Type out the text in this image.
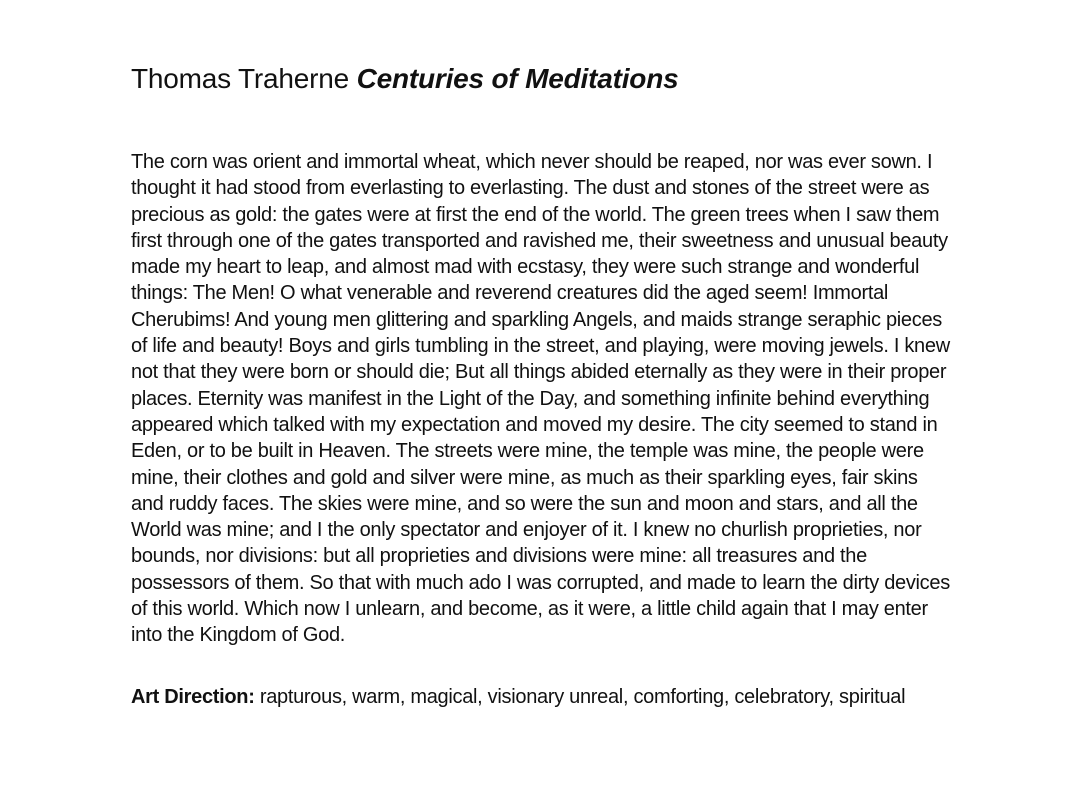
Thomas Traherne Centuries of Meditations
The corn was orient and immortal wheat, which never should be reaped, nor was ever sown. I thought it had stood from everlasting to everlasting. The dust and stones of the street were as precious as gold: the gates were at first the end of the world. The green trees when I saw them first through one of the gates transported and ravished me, their sweetness and unusual beauty made my heart to leap, and almost mad with ecstasy, they were such strange and wonderful things: The Men! O what venerable and reverend creatures did the aged seem! Immortal Cherubims! And young men glittering and sparkling Angels, and maids strange seraphic pieces of life and beauty! Boys and girls tumbling in the street, and playing, were moving jewels. I knew not that they were born or should die; But all things abided eternally as they were in their proper places. Eternity was manifest in the Light of the Day, and something infinite behind everything appeared which talked with my expectation and moved my desire. The city seemed to stand in Eden, or to be built in Heaven. The streets were mine, the temple was mine, the people were mine, their clothes and gold and silver were mine, as much as their sparkling eyes, fair skins and ruddy faces. The skies were mine, and so were the sun and moon and stars, and all the World was mine; and I the only spectator and enjoyer of it. I knew no churlish proprieties, nor bounds, nor divisions: but all proprieties and divisions were mine: all treasures and the possessors of them. So that with much ado I was corrupted, and made to learn the dirty devices of this world. Which now I unlearn, and become, as it were, a little child again that I may enter into the Kingdom of God.
Art Direction: rapturous, warm, magical, visionary unreal, comforting, celebratory, spiritual
